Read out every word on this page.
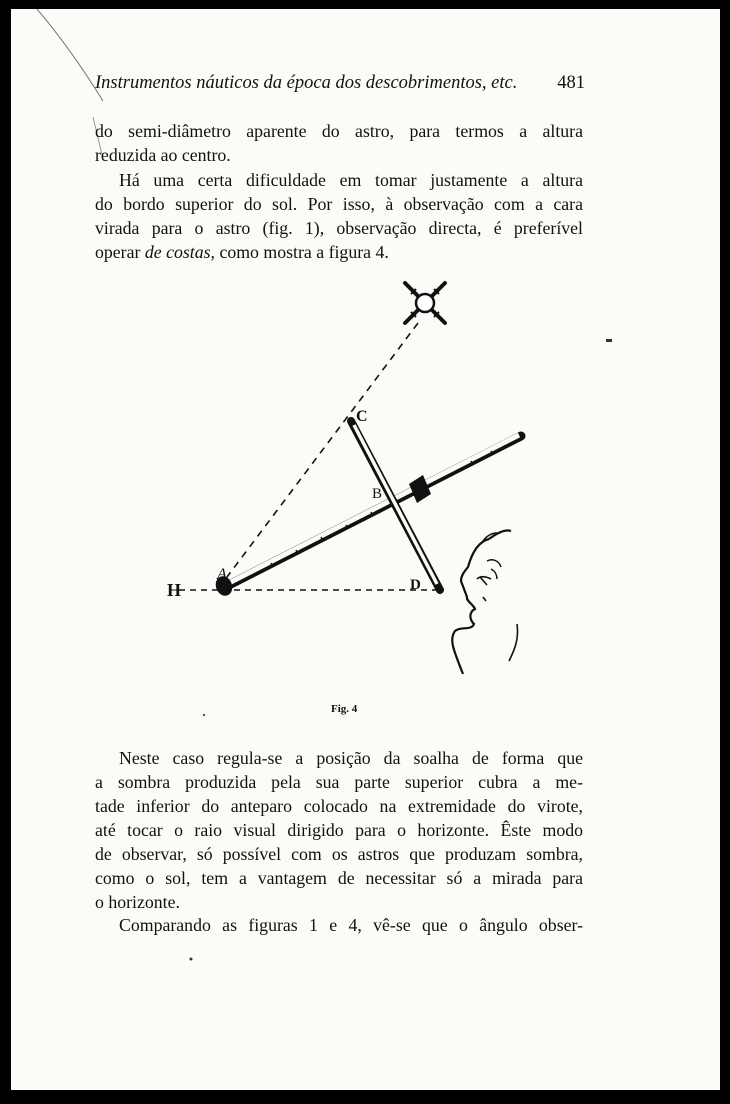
Instrumentos náuticos da época dos descobrimentos, etc. 481

do semi-diâmetro aparente do astro, para termos a altura
reduzida ao centro.

Há uma certa dificuldade em tomar justamente a altura
do bordo superior do sol. Por isso, à observação com a cara
virada para o astro (fig. 1), observação directa, é preferível
operar de costas, como mostra a figura 4.

C
B
A
D
H
Fig. 4

Neste caso regula-se a posição da soalha de forma que
a sombra produzida pela sua parte superior cubra a me-
tade inferior do anteparo colocado na extremidade do virote,
até tocar o raio visual dirigido para o horizonte. Êste modo
de observar, só possível com os astros que produzam sombra,
como o sol, tem a vantagem de necessitar só a mirada para
o horizonte.

Comparando as figuras 1 e 4, vê-se que o ângulo obser-
